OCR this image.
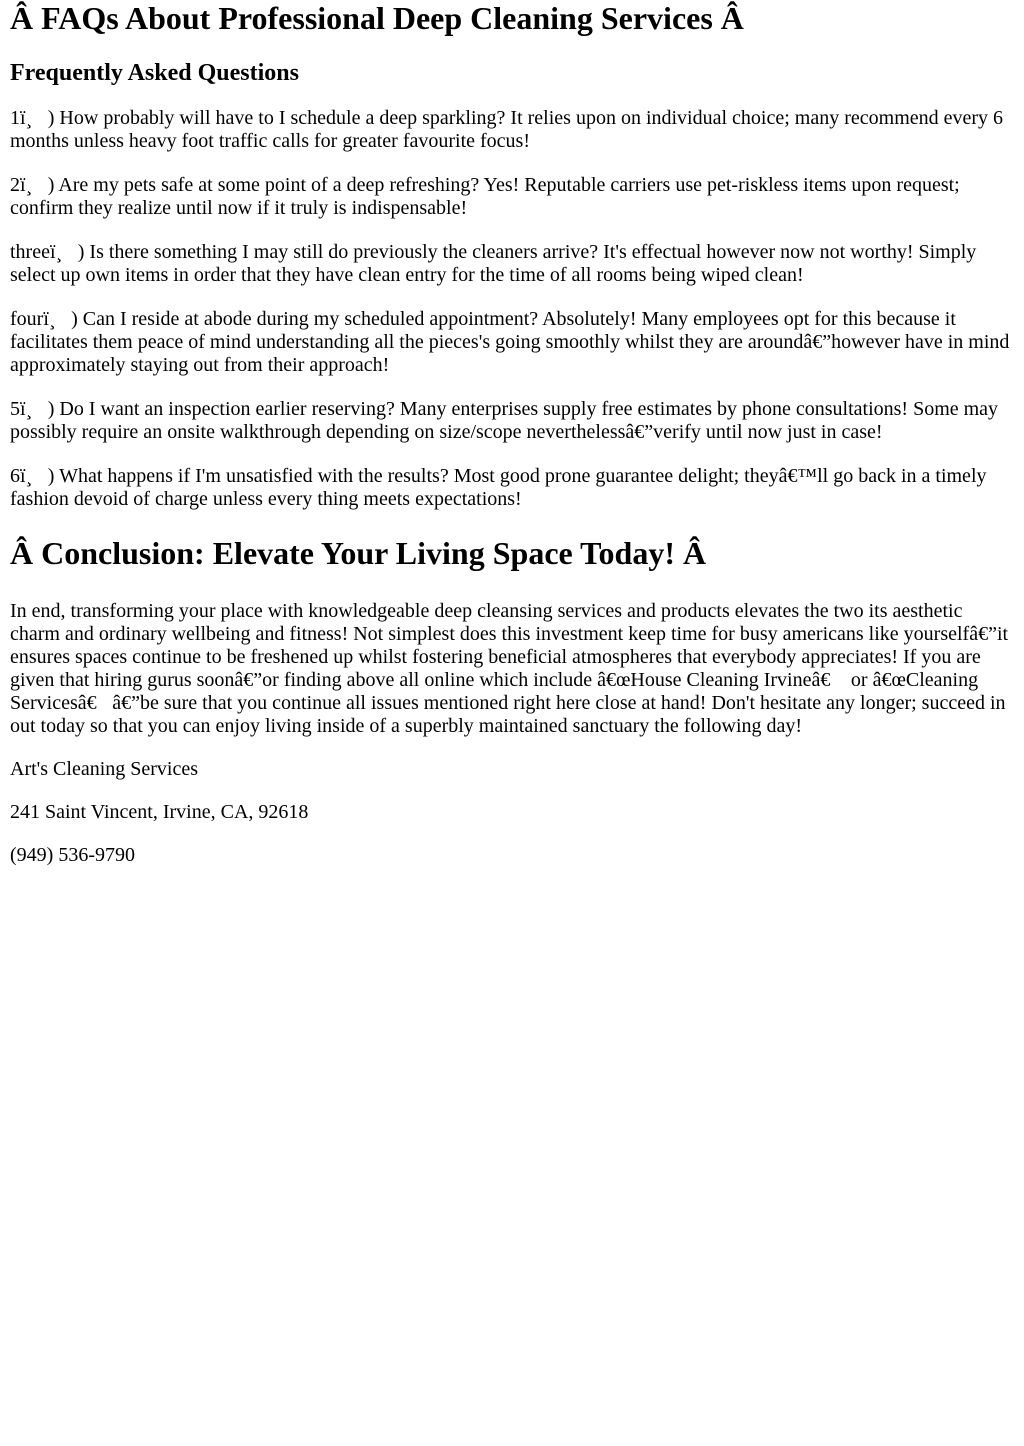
Â FAQs About Professional Deep Cleaning Services Â
Frequently Asked Questions

1ï¸⃣) How probably will have to I schedule a deep sparkling? It relies upon on individual choice; many recommend every 6 months unless heavy foot traffic calls for greater favourite focus!

2ï¸⃣) Are my pets safe at some point of a deep refreshing? Yes! Reputable carriers use pet-riskless items upon request; confirm they realize until now if it truly is indispensable!

threeï¸⃣) Is there something I may still do previously the cleaners arrive? It's effectual however now not worthy! Simply select up own items in order that they have clean entry for the time of all rooms being wiped clean!

fourï¸⃣) Can I reside at abode during my scheduled appointment? Absolutely! Many employees opt for this because it facilitates them peace of mind understanding all the pieces's going smoothly whilst they are aroundâ€”however have in mind approximately staying out from their approach!

5ï¸⃣) Do I want an inspection earlier reserving? Many enterprises supply free estimates by phone consultations! Some may possibly require an onsite walkthrough depending on size/scope neverthelessâ€”verify until now just in case!

6ï¸⃣) What happens if I'm unsatisfied with the results? Most good prone guarantee delight; theyâ€™ll go back in a timely fashion devoid of charge unless every thing meets expectations!

Â Conclusion: Elevate Your Living Space Today! Â

In end, transforming your place with knowledgeable deep cleansing services and products elevates the two its aesthetic charm and ordinary wellbeing and fitness! Not simplest does this investment keep time for busy americans like yourselfâ€”it ensures spaces continue to be freshened up whilst fostering beneficial atmospheres that everybody appreciates! If you are given that hiring gurus soonâ€”or finding above all online which include â€œHouse Cleaning Irvineâ€⃣ or â€œCleaning Servicesâ€⃣â€”be sure that you continue all issues mentioned right here close at hand! Don't hesitate any longer; succeed in out today so that you can enjoy living inside of a superbly maintained sanctuary the following day!

Art's Cleaning Services

241 Saint Vincent, Irvine, CA, 92618

(949) 536-9790
